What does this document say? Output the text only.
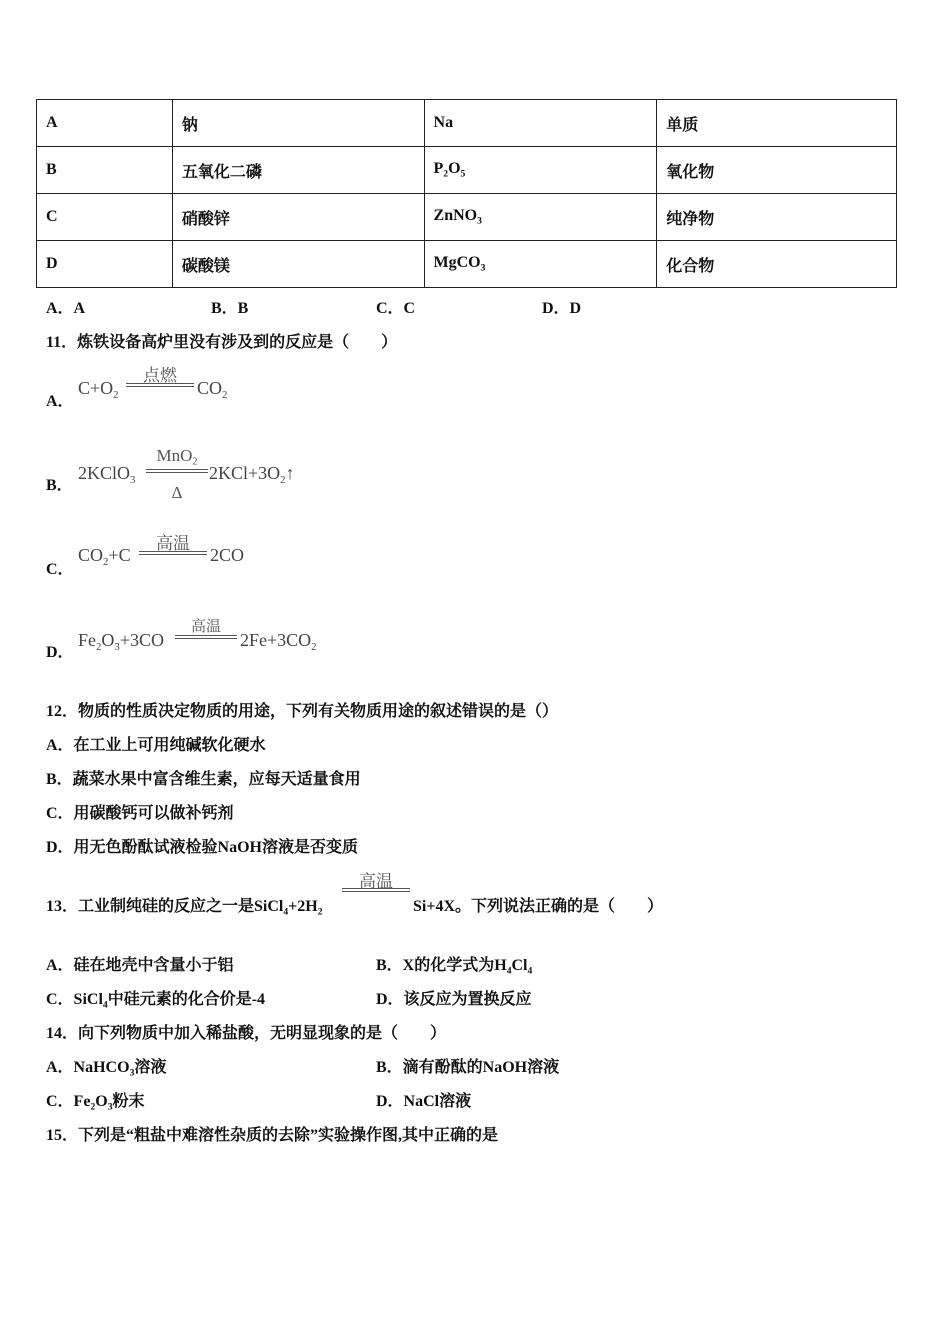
A	钠	Na	单质
B	五氧化二磷	$P_2O_5$	氧化物
C	硝酸锌	ZnNO$_3$	纯净物
D	碳酸镁	MgCO$_3$	化合物
A．A	B．B	C．C	D．D
11．炼铁设备高炉里没有涉及到的反应是（　　）
A．
$C+O_2$
点燃
$CO_2$
B．
2KClO$_3$
MnO$_2$
Δ
$2KCl+3O_2↑$
C．
$CO_2+C$
高温
2CO
D．
$Fe_2O_3+3CO$
高温
$2Fe+3CO_2$
12．物质的性质决定物质的用途，下列有关物质用途的叙述错误的是（）
A．在工业上可用纯碱软化硬水
B．蔬菜水果中富含维生素，应每天适量食用
C．用碳酸钙可以做补钙剂
D．用无色酚酞试液检验NaOH溶液是否变质
13．工业制纯硅的反应之一是$SiCl_4+2H_2$
高温
Si+4X。下列说法正确的是（　　）
A．硅在地壳中含量小于铝	B．X的化学式为$H_4Cl_4$
C．SiCl$_4$中硅元素的化合价是-4	D．该反应为置换反应
14．向下列物质中加入稀盐酸，无明显现象的是（　　）
A．NaHCO$_3$溶液	B．滴有酚酞的NaOH溶液
C．$Fe_2O_3$粉末	D．NaCl溶液
15．下列是“粗盐中难溶性杂质的去除”实验操作图,其中正确的是
